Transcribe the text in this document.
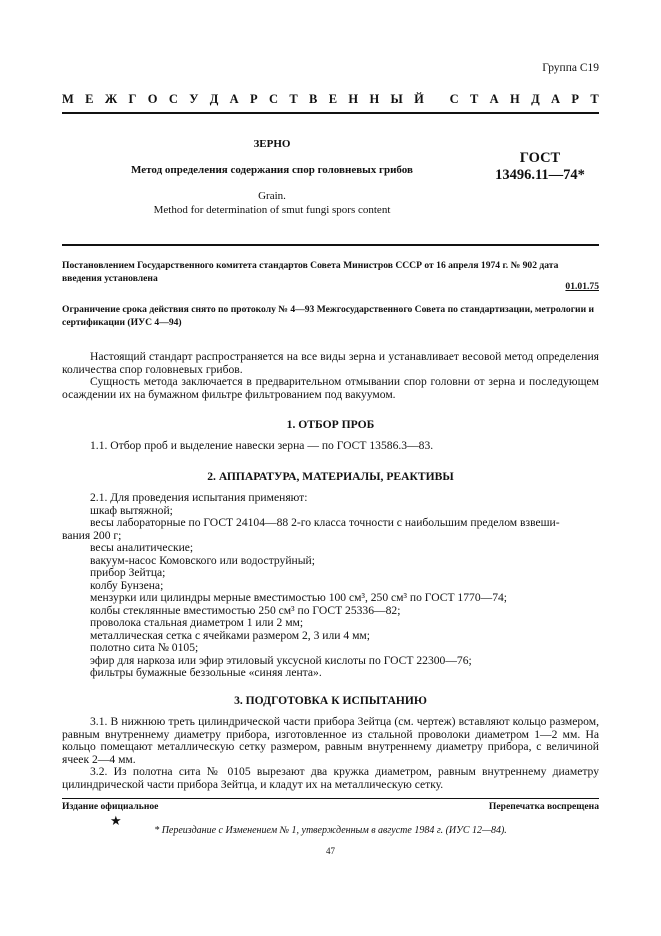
Группа С19
М Е Ж Г О С У Д А Р С Т В Е Н Н Ы Й
С Т А Н Д А Р Т
ЗЕРНО
Метод определения содержания спор головневых грибов
Grain.
Method for determination of smut fungi spors content
ГОСТ
13496.11—74*
Постановлением Государственного комитета стандартов Совета Министров СССР от 16 апреля 1974 г. № 902 дата введения установлена
01.01.75
Ограничение срока действия снято по протоколу № 4—93 Межгосударственного Совета по стандартизации, метрологии и сертификации (ИУС 4—94)

Настоящий стандарт распространяется на все виды зерна и устанавливает весовой метод определения количества спор головневых грибов.

Сущность метода заключается в предварительном отмывании спор головни от зерна и последующем осаждении их на бумажном фильтре фильтрованием под вакуумом.

1. ОТБОР ПРОБ

1.1. Отбор проб и выделение навески зерна — по ГОСТ 13586.3—83.

2. АППАРАТУРА, МАТЕРИАЛЫ, РЕАКТИВЫ
2.1. Для проведения испытания применяют:
шкаф вытяжной;
весы лабораторные по ГОСТ 24104—88 2-го класса точности с наибольшим пределом взвеши-
вания 200 г;
весы аналитические;
вакуум-насос Комовского или водоструйный;
прибор Зейтца;
колбу Бунзена;
мензурки или цилиндры мерные вместимостью 100 см³, 250 см³ по ГОСТ 1770—74;
колбы стеклянные вместимостью 250 см³ по ГОСТ 25336—82;
проволока стальная диаметром 1 или 2 мм;
металлическая сетка с ячейками размером 2, 3 или 4 мм;
полотно сита № 0105;
эфир для наркоза или эфир этиловый уксусной кислоты по ГОСТ 22300—76;
фильтры бумажные беззольные «синяя лента».
3. ПОДГОТОВКА К ИСПЫТАНИЮ

3.1. В нижнюю треть цилиндрической части прибора Зейтца (см. чертеж) вставляют кольцо размером, равным внутреннему диаметру прибора, изготовленное из стальной проволоки диаметром 1—2 мм. На кольцо помещают металлическую сетку размером, равным внутреннему диаметру прибора, с величиной ячеек 2—4 мм.

3.2. Из полотна сита № 0105 вырезают два кружка диаметром, равным внутреннему диаметру цилиндрической части прибора Зейтца, и кладут их на металлическую сетку.

Издание официальное	Перепечатка воспрещена
★
* Переиздание с Изменением № 1, утвержденным в августе 1984 г. (ИУС 12—84).
47
